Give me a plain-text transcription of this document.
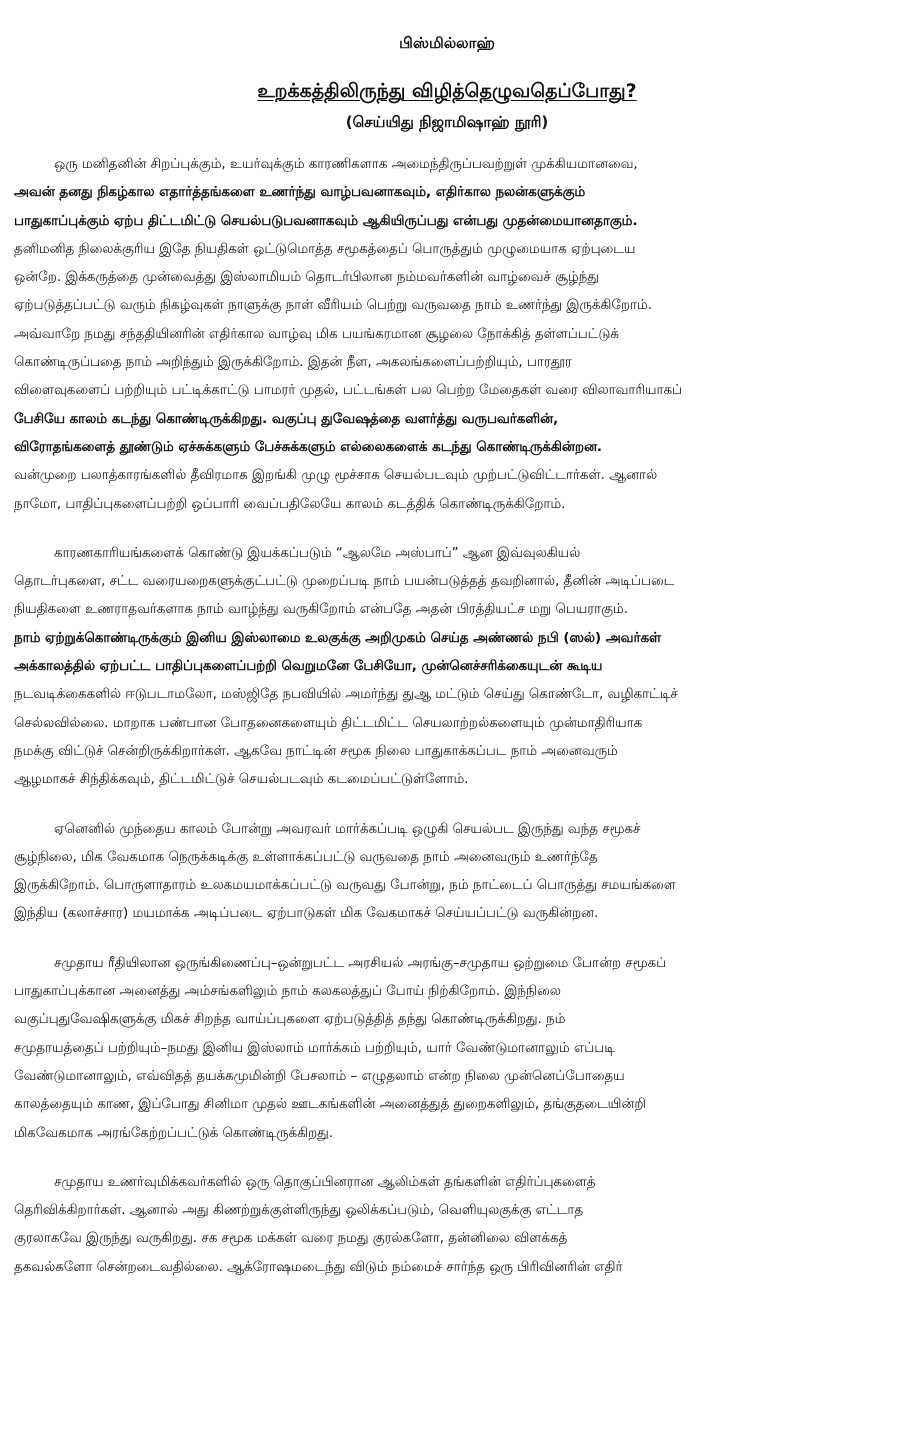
பிஸ்மில்லாஹ்
உறக்கத்திலிருந்து விழித்தெழுவதெப்போது?
(செய்யிது நிஜாமிஷாஹ் நூரி)
ஒரு மனிதனின் சிறப்புக்கும், உயர்வுக்கும் காரணிகளாக அமைந்திருப்பவற்றுள் முக்கியமானவை,
அவன் தனது நிகழ்கால எதார்த்தங்களை உணர்ந்து வாழ்பவனாகவும், எதிர்கால நலன்களுக்கும்
பாதுகாப்புக்கும் ஏற்ப திட்டமிட்டு செயல்படுபவனாகவும் ஆகியிருப்பது என்பது முதன்மையானதாகும்.
தனிமனித நிலைக்குரிய இதே நியதிகள் ஒட்டுமொத்த சமூகத்தைப் பொருத்தும் முழுமையாக ஏற்புடைய
ஒன்றே. இக்கருத்தை முன்வைத்து இஸ்லாமியம் தொடர்பிலான நம்மவர்களின் வாழ்வைச் சூழ்ந்து
ஏற்படுத்தப்பட்டு வரும் நிகழ்வுகள் நாளுக்கு நாள் வீரியம் பெற்று வருவதை நாம் உணர்ந்து இருக்கிறோம்.
அவ்வாறே நமது சந்ததியினரின் எதிர்கால வாழ்வு மிக பயங்கரமான சூழலை நோக்கித் தள்ளப்பட்டுக்
கொண்டிருப்பதை நாம் அறிந்தும் இருக்கிறோம். இதன் நீள, அகலங்களைப்பற்றியும், பாரதூர
விளைவுகளைப் பற்றியும் பட்டிக்காட்டு பாமரர் முதல், பட்டங்கள் பல பெற்ற மேதைகள் வரை விலாவாரியாகப்
பேசியே காலம் கடந்து கொண்டிருக்கிறது. வகுப்பு துவேஷத்தை வளர்த்து வருபவர்களின்,
விரோதங்களைத் தூண்டும் ஏச்சுக்களும் பேச்சுக்களும் எல்லைகளைக் கடந்து கொண்டிருக்கின்றன.
வன்முறை பலாத்காரங்களில் தீவிரமாக இறங்கி முழு மூச்சாக செயல்படவும் முற்பட்டுவிட்டார்கள். ஆனால்
நாமோ, பாதிப்புகளைப்பற்றி ஒப்பாரி வைப்பதிலேயே காலம் கடத்திக் கொண்டிருக்கிறோம்.
காரணகாரியங்களைக் கொண்டு இயக்கப்படும் “ஆலமே அஸ்பாப்” ஆன இவ்வுலகியல்
தொடர்புகளை, சட்ட வரையறைகளுக்குட்பட்டு முறைப்படி நாம் பயன்படுத்தத் தவறினால், தீனின் அடிப்படை
நியதிகளை உணராதவர்களாக நாம் வாழ்ந்து வருகிறோம் என்பதே அதன் பிரத்தியட்ச மறு பெயராகும்.
நாம் ஏற்றுக்கொண்டிருக்கும் இனிய இஸ்லாமை உலகுக்கு அறிமுகம் செய்த அண்ணல் நபி (ஸல்) அவர்கள்
அக்காலத்தில் ஏற்பட்ட பாதிப்புகளைப்பற்றி வெறுமனே பேசியோ, முன்னெச்சரிக்கையுடன் கூடிய
நடவடிக்கைகளில் ஈடுபடாமலோ, மஸ்ஜிதே நபவியில் அமர்ந்து துஆ மட்டும் செய்து கொண்டோ, வழிகாட்டிச்
செல்லவில்லை. மாறாக பண்பான போதனைகளையும் திட்டமிட்ட செயலாற்றல்களையும் முன்மாதிரியாக
நமக்கு விட்டுச் சென்றிருக்கிறார்கள். ஆகவே நாட்டின் சமூக நிலை பாதுகாக்கப்பட நாம் அனைவரும்
ஆழமாகச் சிந்திக்கவும், திட்டமிட்டுச் செயல்படவும் கடமைப்பட்டுள்ளோம்.
ஏனெனில் முந்தைய காலம் போன்று அவரவர் மார்க்கப்படி ஒழுகி செயல்பட இருந்து வந்த சமூகச்
சூழ்நிலை, மிக வேகமாக நெருக்கடிக்கு உள்ளாக்கப்பட்டு வருவதை நாம் அனைவரும் உணர்ந்தே
இருக்கிறோம். பொருளாதாரம் உலகமயமாக்கப்பட்டு வருவது போன்று, நம் நாட்டைப் பொருத்து சமயங்களை
இந்திய (கலாச்சார) மயமாக்க அடிப்படை ஏற்பாடுகள் மிக வேகமாகச் செய்யப்பட்டு வருகின்றன.
சமுதாய ரீதியிலான ஒருங்கிணைப்பு–ஒன்றுபட்ட அரசியல் அரங்கு–சமுதாய ஒற்றுமை போன்ற சமூகப்
பாதுகாப்புக்கான அனைத்து அம்சங்களிலும் நாம் கலகலத்துப் போய் நிற்கிறோம். இந்நிலை
வகுப்புதுவேஷிகளுக்கு மிகச் சிறந்த வாய்ப்புகளை ஏற்படுத்தித் தந்து கொண்டிருக்கிறது. நம்
சமுதாயத்தைப் பற்றியும்–நமது இனிய இஸ்லாம் மார்க்கம் பற்றியும், யார் வேண்டுமானாலும் எப்படி
வேண்டுமானாலும், எவ்விதத் தயக்கமுமின்றி பேசலாம் – எழுதலாம் என்ற நிலை முன்னெப்போதைய
காலத்தையும் காண, இப்போது சினிமா முதல் ஊடகங்களின் அனைத்துத் துறைகளிலும், தங்குதடையின்றி
மிகவேகமாக அரங்கேற்றப்பட்டுக் கொண்டிருக்கிறது.
சமுதாய உணர்வுமிக்கவர்களில் ஒரு தொகுப்பினரான ஆலிம்கள் தங்களின் எதிர்ப்புகளைத்
தெரிவிக்கிறார்கள். ஆனால் அது கிணற்றுக்குள்ளிருந்து ஒலிக்கப்படும், வெளியுலகுக்கு எட்டாத
குரலாகவே இருந்து வருகிறது. சக சமூக மக்கள் வரை நமது குரல்களோ, தன்னிலை விளக்கத்
தகவல்களோ சென்றடைவதில்லை. ஆக்ரோஷமடைந்து விடும் நம்மைச் சார்ந்த ஒரு பிரிவினரின் எதிர்
